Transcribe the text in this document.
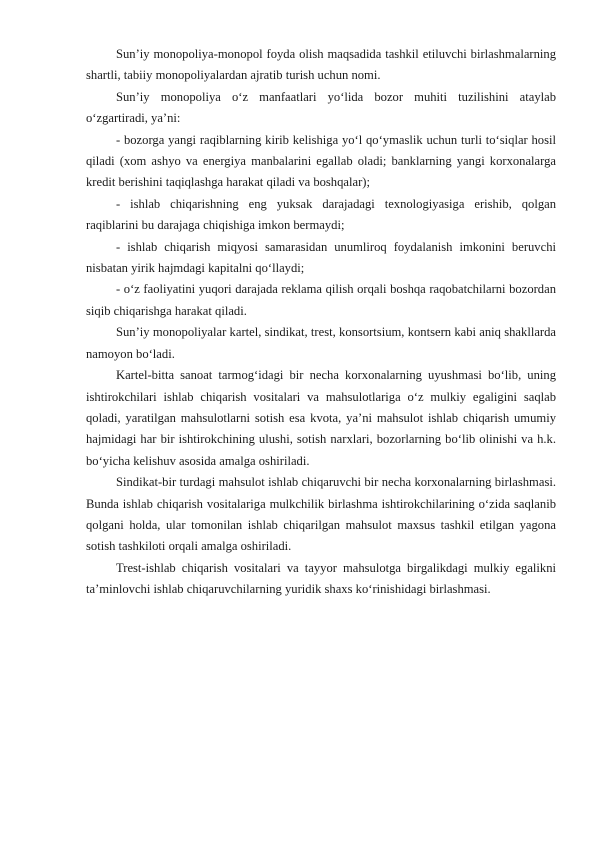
Sun’iy monopoliya-monopol foyda olish maqsadida tashkil etiluvchi birlashmalarning shartli, tabiiy monopoliyalardan ajratib turish uchun nomi.

Sun’iy monopoliya o‘z manfaatlari yo‘lida bozor muhiti tuzilishini ataylab o‘zgartiradi, ya’ni:

- bozorga yangi raqiblarning kirib kelishiga yo‘l qo‘ymaslik uchun turli to‘siqlar hosil qiladi (xom ashyo va energiya manbalarini egallab oladi; banklarning yangi korxonalarga kredit berishini taqiqlashga harakat qiladi va boshqalar);

- ishlab chiqarishning eng yuksak darajadagi texnologiyasiga erishib, qolgan raqiblarini bu darajaga chiqishiga imkon bermaydi;

- ishlab chiqarish miqyosi samarasidan unumliroq foydalanish imkonini beruvchi nisbatan yirik hajmdagi kapitalni qo‘llaydi;

- o‘z faoliyatini yuqori darajada reklama qilish orqali boshqa raqobatchilarni bozordan siqib chiqarishga harakat qiladi.

Sun’iy monopoliyalar kartel, sindikat, trest, konsortsium, kontsern kabi aniq shakllarda namoyon bo‘ladi.

Kartel-bitta sanoat tarmog‘idagi bir necha korxonalarning uyushmasi bo‘lib, uning ishtirokchilari ishlab chiqarish vositalari va mahsulotlariga o‘z mulkiy egaligini saqlab qoladi, yaratilgan mahsulotlarni sotish esa kvota, ya’ni mahsulot ishlab chiqarish umumiy hajmidagi har bir ishtirokchining ulushi, sotish narxlari, bozorlarning bo‘lib olinishi va h.k. bo‘yicha kelishuv asosida amalga oshiriladi.

Sindikat-bir turdagi mahsulot ishlab chiqaruvchi bir necha korxonalarning birlashmasi. Bunda ishlab chiqarish vositalariga mulkchilik birlashma ishtirokchilarining o‘zida saqlanib qolgani holda, ular tomonilan ishlab chiqarilgan mahsulot maxsus tashkil etilgan yagona sotish tashkiloti orqali amalga oshiriladi.

Trest-ishlab chiqarish vositalari va tayyor mahsulotga birgalikdagi mulkiy egalikni ta’minlovchi ishlab chiqaruvchilarning yuridik shaxs ko‘rinishidagi birlashmasi.
